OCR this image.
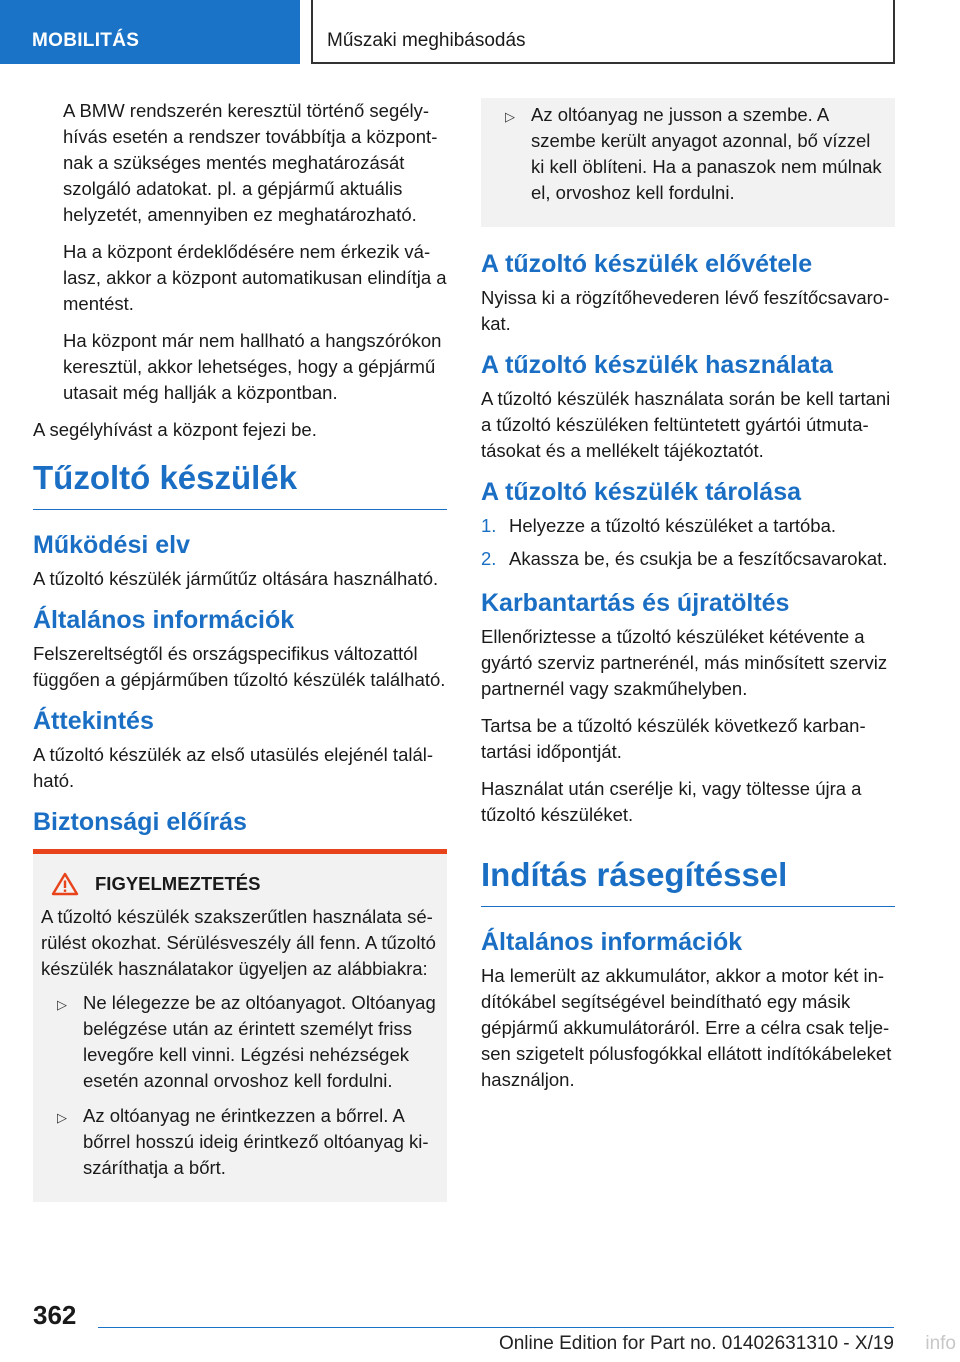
MOBILITÁS	Műszaki meghibásodás

A BMW rendszerén keresztül történő segélyhívás esetén a rendszer továbbítja a központnak a szükséges mentés meghatározását szolgáló adatokat. pl. a gépjármű aktuális helyzetét, amennyiben ez meghatározható.

Ha a központ érdeklődésére nem érkezik válasz, akkor a központ automatikusan elindítja a mentést.

Ha központ már nem hallható a hangszórókon keresztül, akkor lehetséges, hogy a gépjármű utasait még hallják a központban.

A segélyhívást a központ fejezi be.

Tűzoltó készülék
Működési elv

A tűzoltó készülék járműtűz oltására használható.

Általános információk

Felszereltségtől és országspecifikus változattól függően a gépjárműben tűzoltó készülék található.

Áttekintés

A tűzoltó készülék az első utasülés elejénél található.

Biztonsági előírás
FIGYELMEZTETÉS

A tűzoltó készülék szakszerűtlen használata sérülést okozhat. Sérülésveszély áll fenn. A tűzoltó készülék használatakor ügyeljen az alábbiakra:

▷ Ne lélegezze be az oltóanyagot. Oltóanyag belégzése után az érintett személyt friss levegőre kell vinni. Légzési nehézségek esetén azonnal orvoshoz kell fordulni.
▷ Az oltóanyag ne érintkezzen a bőrrel. A bőrrel hosszú ideig érintkező oltóanyag kiszáríthatja a bőrt.
▷ Az oltóanyag ne jusson a szembe. A szembe került anyagot azonnal, bő vízzel ki kell öblíteni. Ha a panaszok nem múlnak el, orvoshoz kell fordulni.
A tűzoltó készülék elővétele

Nyissa ki a rögzítőhevederen lévő feszítőcsavarokat.

A tűzoltó készülék használata

A tűzoltó készülék használata során be kell tartani a tűzoltó készüléken feltüntetett gyártói útmutatásokat és a mellékelt tájékoztatót.

A tűzoltó készülék tárolása
1. Helyezze a tűzoltó készüléket a tartóba.
2. Akassza be, és csukja be a feszítőcsavarokat.
Karbantartás és újratöltés

Ellenőriztesse a tűzoltó készüléket kétévente a gyártó szerviz partnerénél, más minősített szerviz partnernél vagy szakműhelyben.

Tartsa be a tűzoltó készülék következő karbantartási időpontját.

Használat után cserélje ki, vagy töltesse újra a tűzoltó készüléket.

Indítás rásegítéssel
Általános információk

Ha lemerült az akkumulátor, akkor a motor két indítókábel segítségével beindítható egy másik gépjármű akkumulátoráról. Erre a célra csak teljesen szigetelt pólusfogókkal ellátott indítókábeleket használjon.

362
Online Edition for Part no. 01402631310 - X/19 info
